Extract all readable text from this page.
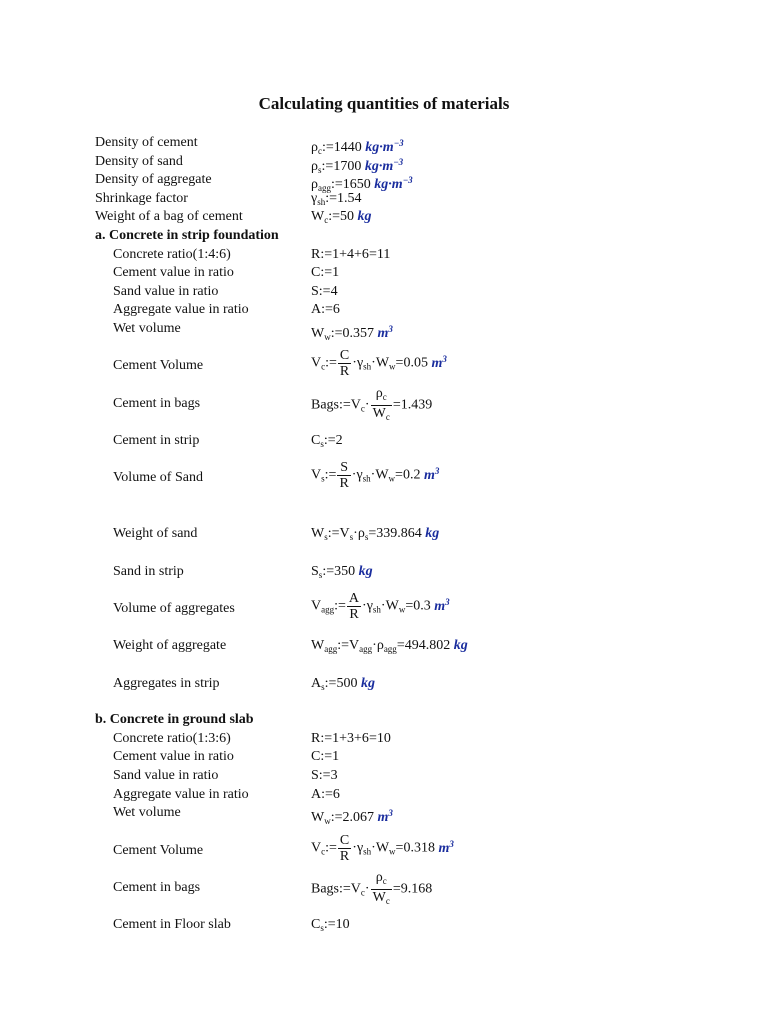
Calculating quantities of materials
Density of cement	$\rho_c:=1440$ $kg\cdot m^{-3}$
Density of sand	$\rho_s:=1700$ $kg\cdot m^{-3}$
Density of aggregate	$\rho_{agg}:=1650$ $kg\cdot m^{-3}$
Shrinkage factor	$\gamma_{sh}:=1.54$
Weight of a bag of cement	$W_c:=50$ kg
a. Concrete in strip foundation
Concrete ratio(1:4:6)	R:=1+4+6=11
Cement value in ratio	C:=1
Sand value in ratio	S:=4
Aggregate value in ratio	A:=6
Wet volume	$W_w:=0.357$ $m^3$
Cement Volume	$V_c:= \frac{C}{R} \cdot\gamma_{sh}\cdot W_w=0.05$ $m^3$
Cement in bags	$Bags:=V_c\cdot \frac{\rho_c}{W_c} =1.439$
Cement in strip	$C_s:=2$
Volume of Sand	$V_s:= \frac{S}{R} \cdot\gamma_{sh}\cdot W_w=0.2$ $m^3$
Weight of sand	$W_s:=V_s\cdot\rho_s=339.864$ kg
Sand in strip	$S_s:=350$ kg
Volume of aggregates	$V_{agg}:= \frac{A}{R} \cdot\gamma_{sh}\cdot W_w=0.3$ $m^3$
Weight of aggregate	$W_{agg}:=V_{agg}\cdot\rho_{agg}=494.802$ kg
Aggregates in strip	$A_s:=500$ kg
b. Concrete in ground slab
Concrete ratio(1:3:6)	R:=1+3+6=10
Cement value in ratio	C:=1
Sand value in ratio	S:=3
Aggregate value in ratio	A:=6
Wet volume	$W_w:=2.067$ $m^3$
Cement Volume	$V_c:= \frac{C}{R} \cdot\gamma_{sh}\cdot W_w=0.318$ $m^3$
Cement in bags	$Bags:=V_c\cdot \frac{\rho_c}{W_c} =9.168$
Cement in Floor slab	$C_s:=10$
